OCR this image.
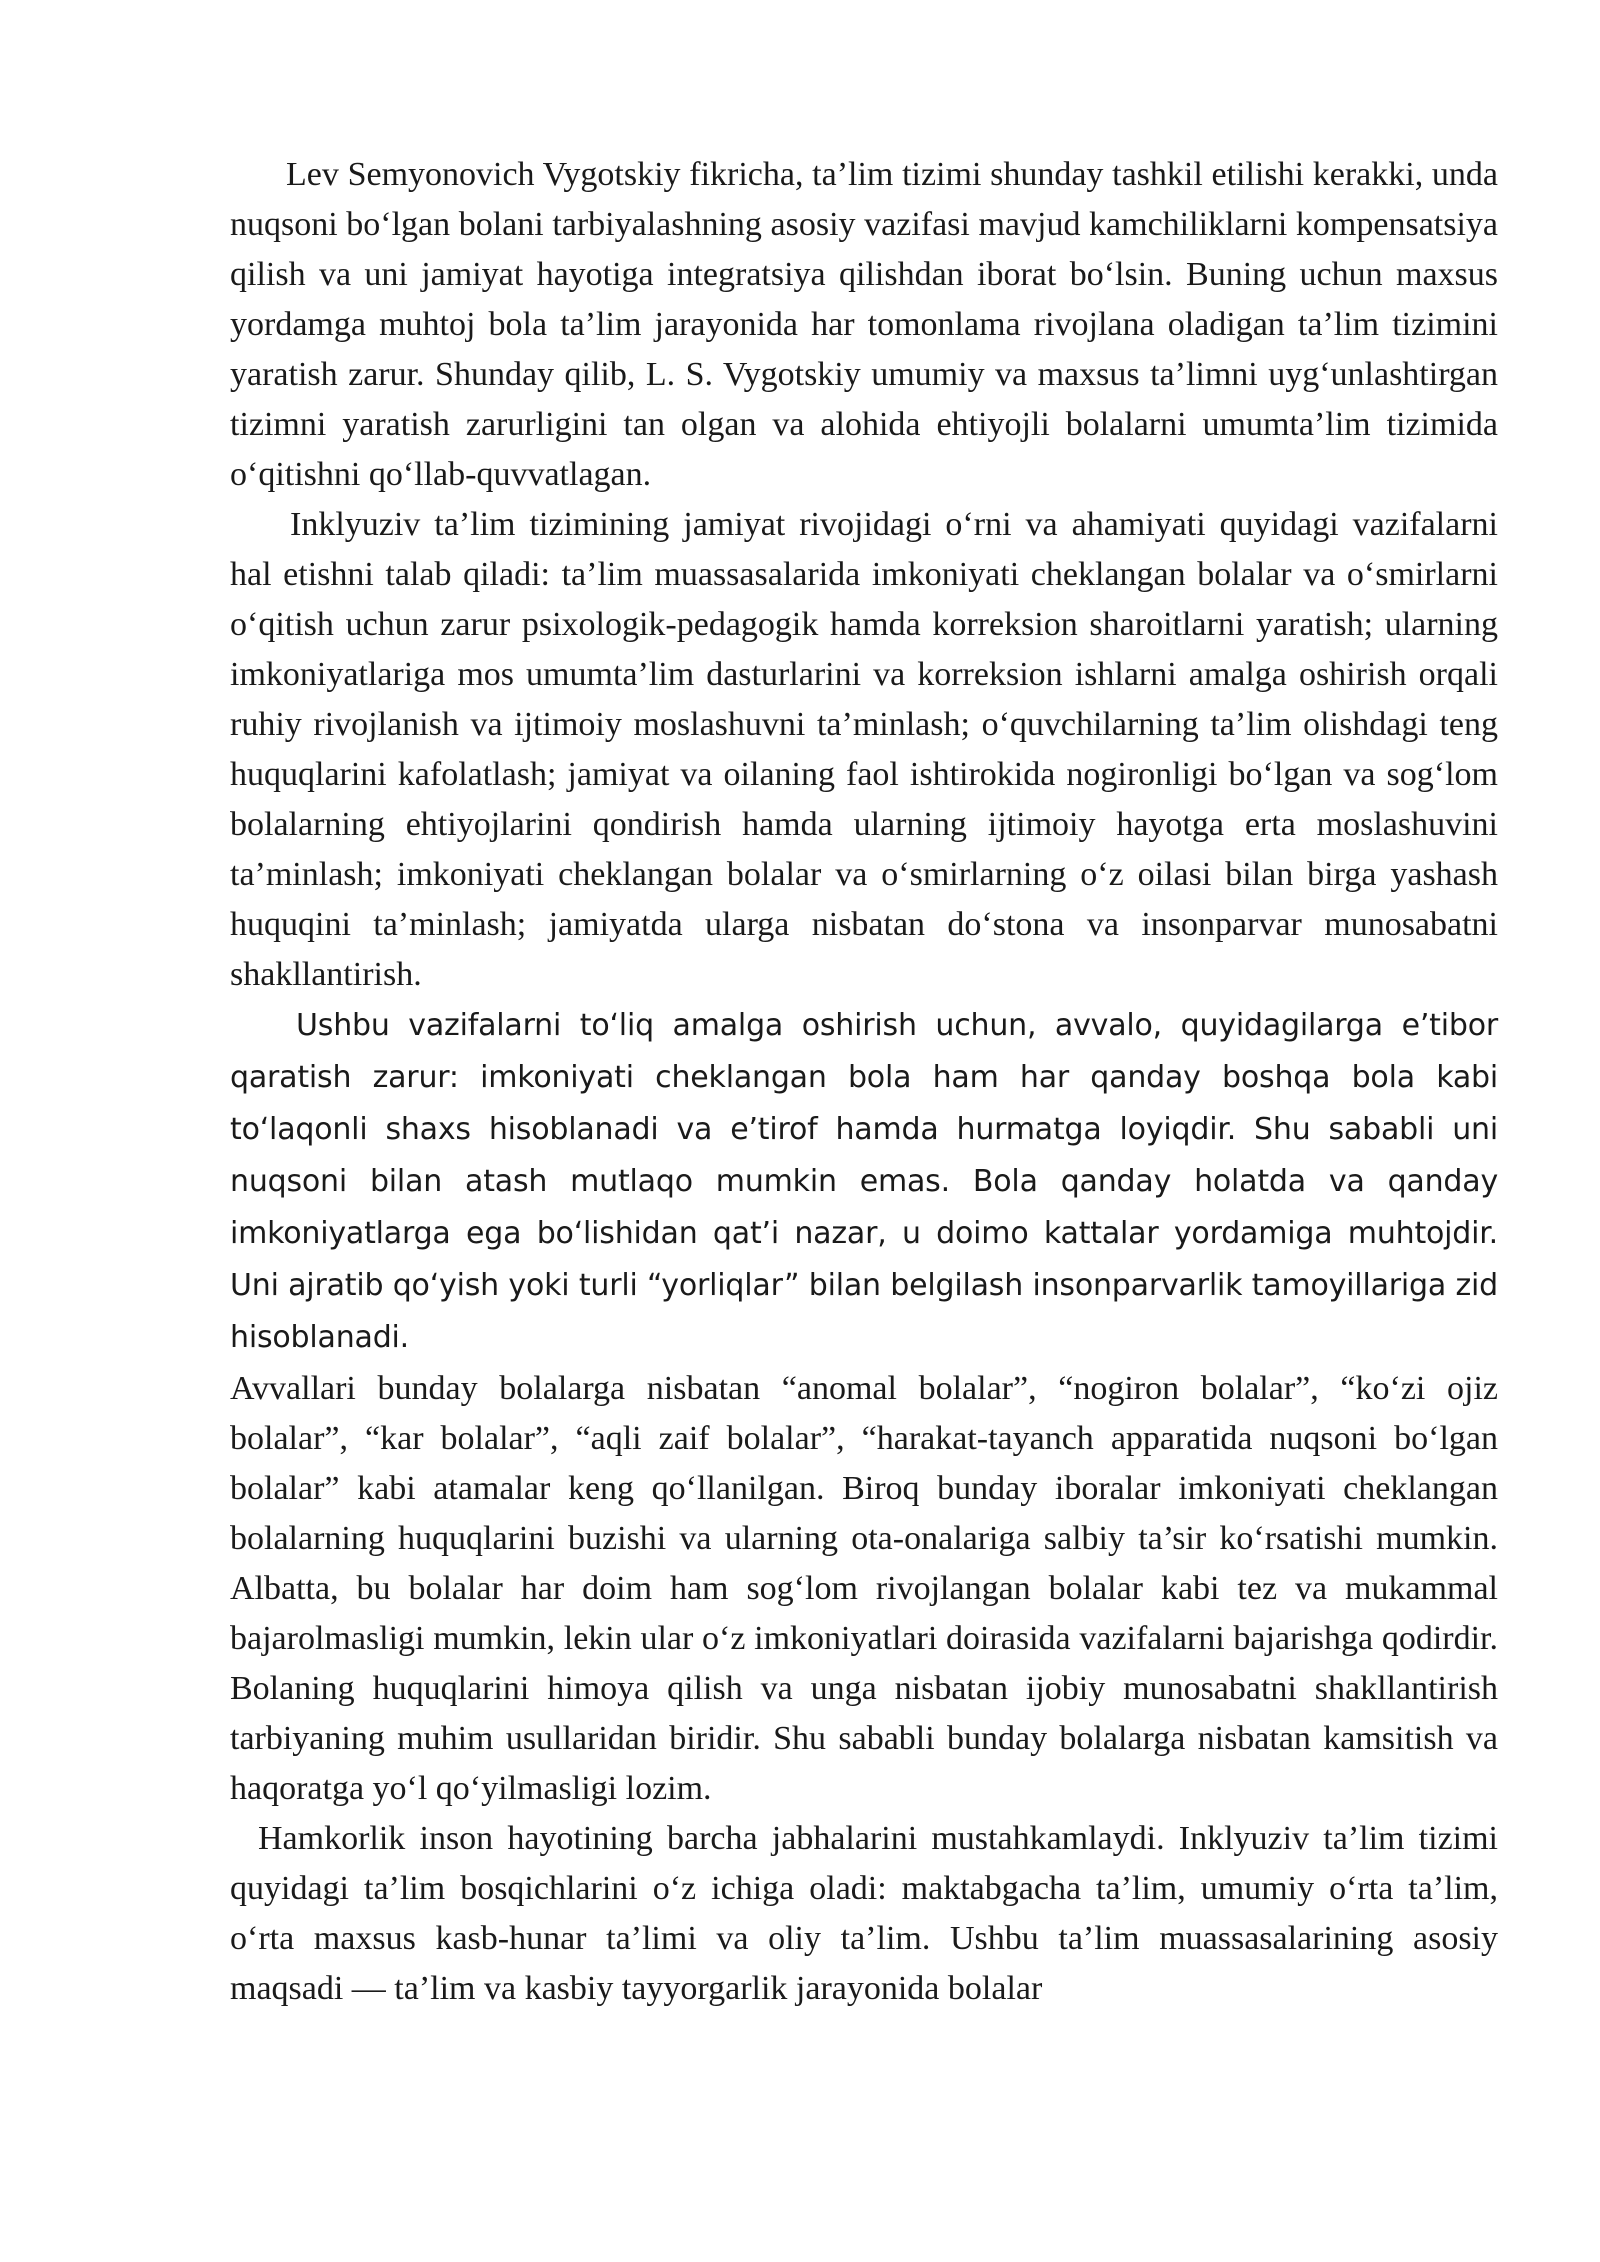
Lev Semyonovich Vygotskiy fikricha, ta’lim tizimi shunday tashkil etilishi kerakki, unda nuqsoni bo‘lgan bolani tarbiyalashning asosiy vazifasi mavjud kamchiliklarni kompensatsiya qilish va uni jamiyat hayotiga integratsiya qilishdan iborat bo‘lsin. Buning uchun maxsus yordamga muhtoj bola ta’lim jarayonida har tomonlama rivojlana oladigan ta’lim tizimini yaratish zarur. Shunday qilib, L. S. Vygotskiy umumiy va maxsus ta’limni uyg‘unlashtirgan tizimni yaratish zarurligini tan olgan va alohida ehtiyojli bolalarni umumta’lim tizimida o‘qitishni qo‘llab-quvvatlagan.

Inklyuziv ta’lim tizimining jamiyat rivojidagi o‘rni va ahamiyati quyidagi vazifalarni hal etishni talab qiladi: ta’lim muassasalarida imkoniyati cheklangan bolalar va o‘smirlarni o‘qitish uchun zarur psixologik-pedagogik hamda korreksion sharoitlarni yaratish; ularning imkoniyatlariga mos umumta’lim dasturlarini va korreksion ishlarni amalga oshirish orqali ruhiy rivojlanish va ijtimoiy moslashuvni ta’minlash; o‘quvchilarning ta’lim olishdagi teng huquqlarini kafolatlash; jamiyat va oilaning faol ishtirokida nogironligi bo‘lgan va sog‘lom bolalarning ehtiyojlarini qondirish hamda ularning ijtimoiy hayotga erta moslashuvini ta’minlash; imkoniyati cheklangan bolalar va o‘smirlarning o‘z oilasi bilan birga yashash huquqini ta’minlash; jamiyatda ularga nisbatan do‘stona va insonparvar munosabatni shakllantirish.

Ushbu vazifalarni to‘liq amalga oshirish uchun, avvalo, quyidagilarga e’tibor qaratish zarur: imkoniyati cheklangan bola ham har qanday boshqa bola kabi to‘laqonli shaxs hisoblanadi va e’tirof hamda hurmatga loyiqdir. Shu sababli uni nuqsoni bilan atash mutlaqo mumkin emas. Bola qanday holatda va qanday imkoniyatlarga ega bo‘lishidan qat’i nazar, u doimo kattalar yordamiga muhtojdir. Uni ajratib qo‘yish yoki turli “yorliqlar” bilan belgilash insonparvarlik tamoyillariga zid hisoblanadi.

Avvallari bunday bolalarga nisbatan “anomal bolalar”, “nogiron bolalar”, “ko‘zi ojiz bolalar”, “kar bolalar”, “aqli zaif bolalar”, “harakat-tayanch apparatida nuqsoni bo‘lgan bolalar” kabi atamalar keng qo‘llanilgan. Biroq bunday iboralar imkoniyati cheklangan bolalarning huquqlarini buzishi va ularning ota-onalariga salbiy ta’sir ko‘rsatishi mumkin. Albatta, bu bolalar har doim ham sog‘lom rivojlangan bolalar kabi tez va mukammal bajarolmasligi mumkin, lekin ular o‘z imkoniyatlari doirasida vazifalarni bajarishga qodirdir. Bolaning huquqlarini himoya qilish va unga nisbatan ijobiy munosabatni shakllantirish tarbiyaning muhim usullaridan biridir. Shu sababli bunday bolalarga nisbatan kamsitish va haqoratga yo‘l qo‘yilmasligi lozim.

Hamkorlik inson hayotining barcha jabhalarini mustahkamlaydi. Inklyuziv ta’lim tizimi quyidagi ta’lim bosqichlarini o‘z ichiga oladi: maktabgacha ta’lim, umumiy o‘rta ta’lim, o‘rta maxsus kasb-hunar ta’limi va oliy ta’lim. Ushbu ta’lim muassasalarining asosiy maqsadi — ta’lim va kasbiy tayyorgarlik jarayonida bolalar
